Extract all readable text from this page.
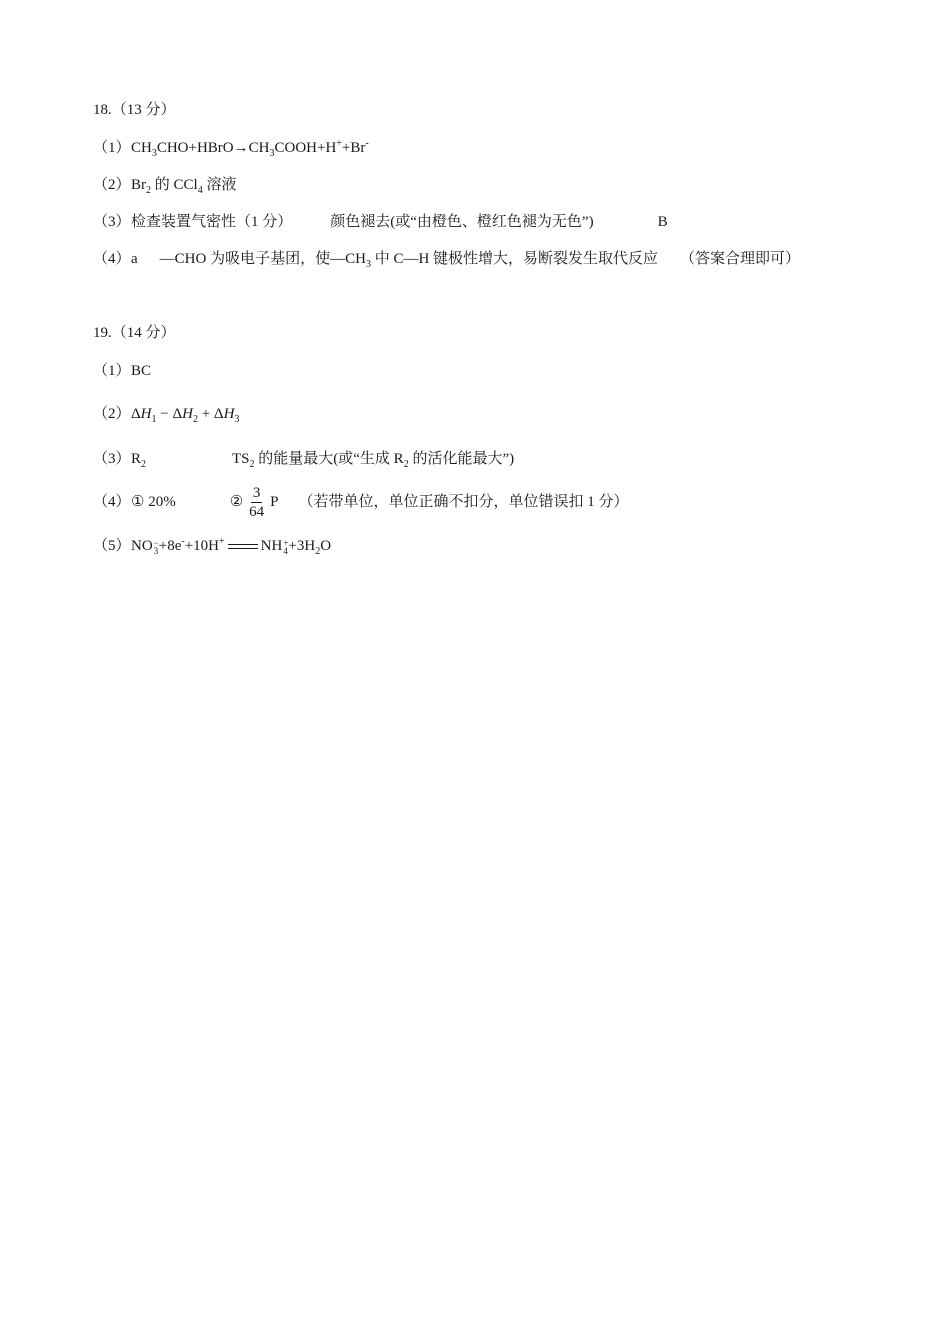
18.（13 分）
$(1)CH_3CHO+HBrO\to CH_3COOH+H^++Br^-$
$(2)Br_2$ 的 CCl$_4$ 溶液
（3）检查装置气密性（1 分）	颜色褪去(或“由橙色、橙红色褪为无色”)	B
（4）a —CHO 为吸电子基团，使$—CH_3$ 中 C—H 键极性增大，易断裂发生取代反应 （答案合理即可）
19.（14 分）
（1）BC
$(2)\Delta H_1 - \Delta H_2 + \Delta H_3$
$(3)R_2$	$TS_2$ 的能量最大(或“生成 $R_2$ 的活化能最大”)
（4）① 20%	② $\frac{3}{64}$ P （若带单位，单位正确不扣分，单位错误扣 1 分）
（5）NO −
3 +8e-+10H+ NH +
$4 +3H_2O$
